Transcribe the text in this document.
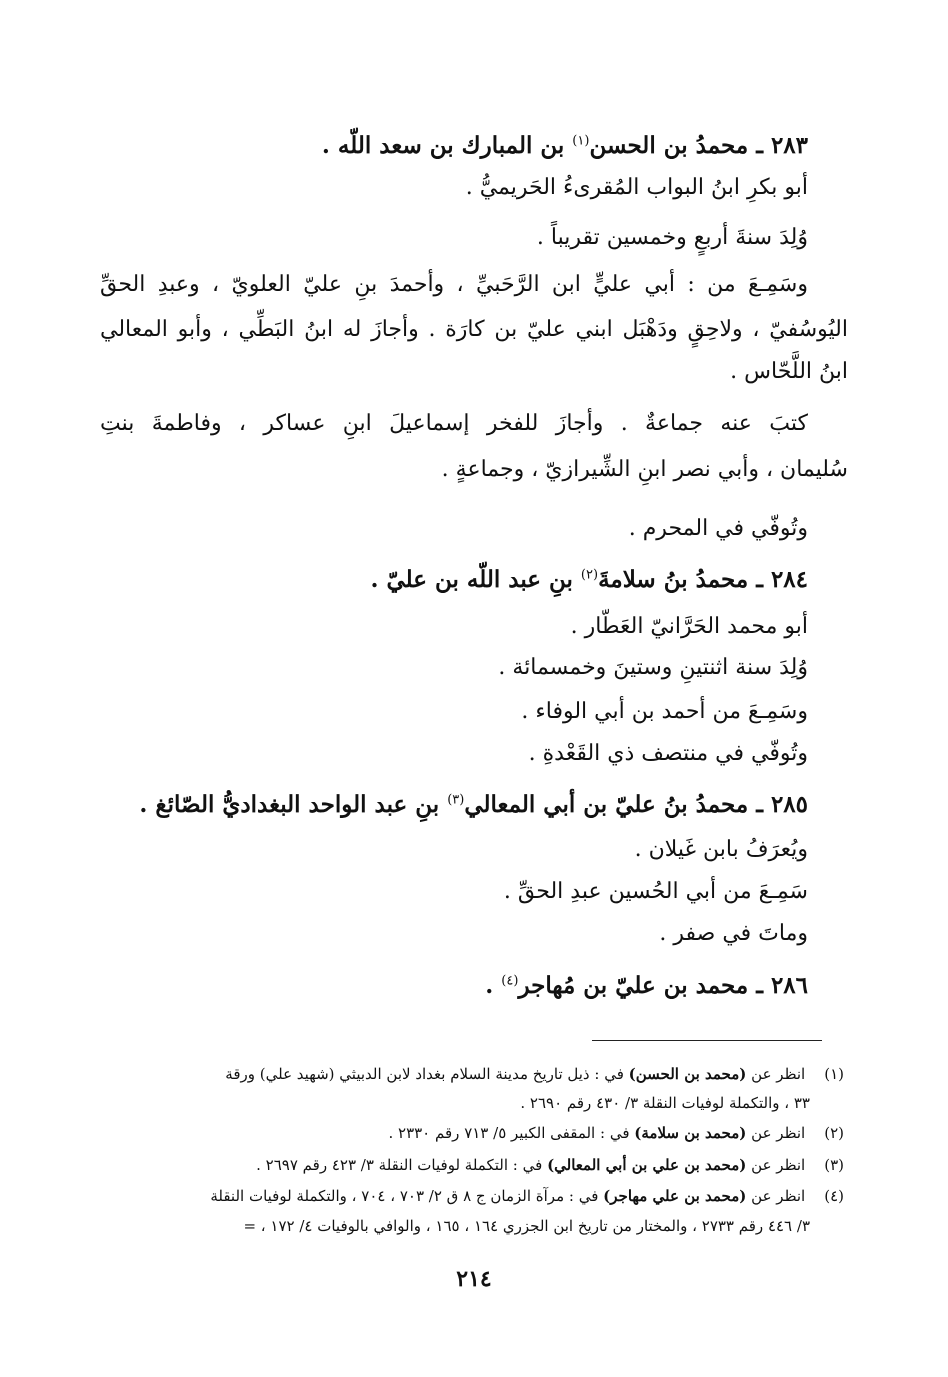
٢٨٣ ـ محمدُ بن الحسن$^{(١)}$ بن المبارك بن سعد اللّه .
أبو بكرِ ابنُ البواب المُقرىءُ الحَريميُّ .
وُلِدَ سنةَ أربعٍ وخمسين تقريباً .
وسَمِـعَ من : أبي عليٍّ ابن الرَّحَبيِّ ، وأحمدَ بنِ عليّ العلويّ ، وعبدِ الحقِّ
اليُوسُفيّ ، ولاحِقٍ ودَهْبَل ابني عليّ بن كارَة . وأجازَ له ابنُ البَطِّي ، وأبو المعالي
ابنُ اللَّحّاس .
كتبَ عنه جماعةٌ . وأجازَ للفخر إسماعيلَ ابنِ عساكر ، وفاطمةَ بنتِ
سُليمان ، وأبي نصر ابنِ الشِّيرازيّ ، وجماعةٍ .
وتُوفّي في المحرم .
٢٨٤ ـ محمدُ بنُ سلامةَ$^{(٢)}$ بنِ عبد اللّه بن عليّ .
أبو محمد الحَرَّانيّ العَطّار .
وُلِدَ سنة اثنتينِ وستينَ وخمسمائة .
وسَمِـعَ من أحمد بن أبي الوفاء .
وتُوفّي في منتصف ذي القَعْدةِ .
٢٨٥ ـ محمدُ بنُ عليّ بن أبي المعالي$^{(٣)}$ بنِ عبد الواحد البغداديُّ الصّائغ .
ويُعرَفُ بابن غَيلان .
سَمِـعَ من أبي الحُسين عبدِ الحقِّ .
وماتَ في صفر .
٢٨٦ ـ محمد بن عليّ بن مُهاجر$^{(٤)}$ .
(١) انظر عن (محمد بن الحسن) في : ذيل تاريخ مدينة السلام بغداد لابن الدبيثي (شهيد علي) ورقة
٣٣ ، والتكملة لوفيات النقلة ٣/ ٤٣٠ رقم ٢٦٩٠ .
(٢) انظر عن (محمد بن سلامة) في : المقفى الكبير ٥/ ٧١٣ رقم ٢٣٣٠ .
(٣) انظر عن (محمد بن علي بن أبي المعالي) في : التكملة لوفيات النقلة ٣/ ٤٢٣ رقم ٢٦٩٧ .
(٤) انظر عن (محمد بن علي مهاجر) في : مرآة الزمان ج ٨ ق ٢/ ٧٠٣ ، ٧٠٤ ، والتكملة لوفيات النقلة
٣/ ٤٤٦ رقم ٢٧٣٣ ، والمختار من تاريخ ابن الجزري ١٦٤ ، ١٦٥ ، والوافي بالوفيات ٤/ ١٧٢ ، =
٢١٤
